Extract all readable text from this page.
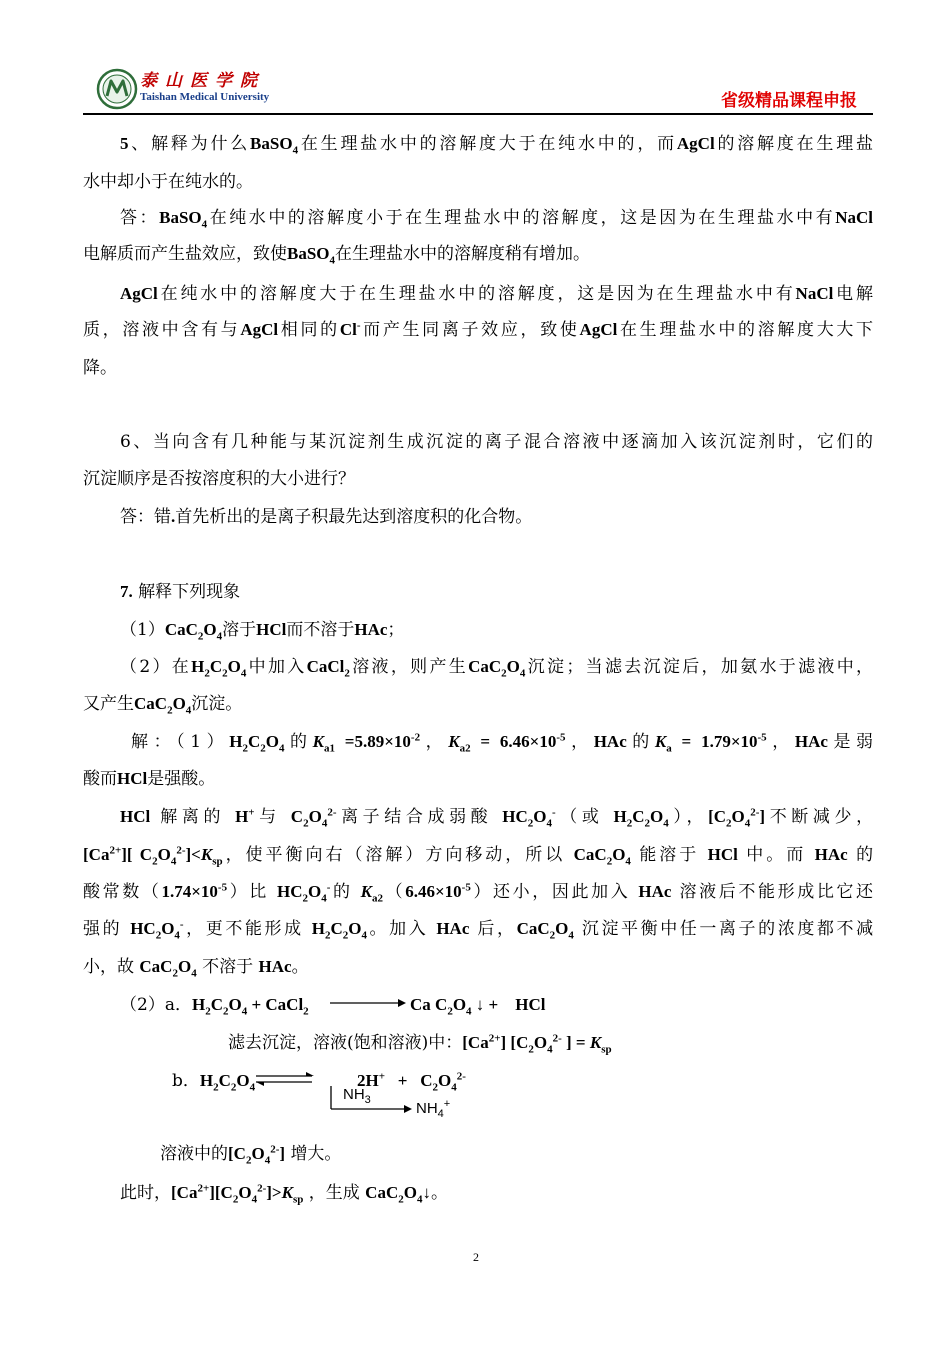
泰山医学院
Taishan Medical University	省级精品课程申报
5、解释为什么BaSO$_4$在生理盐水中的溶解度大于在纯水中的，而AgCl的溶解度在生理盐
水中却小于在纯水的。
答：BaSO$_4$在纯水中的溶解度小于在生理盐水中的溶解度，这是因为在生理盐水中有NaCl
电解质而产生盐效应，致使BaSO$_4$在生理盐水中的溶解度稍有增加。
AgCl在纯水中的溶解度大于在生理盐水中的溶解度，这是因为在生理盐水中有NaCl电解
质，溶液中含有与AgCl相同的Cl-而产生同离子效应，致使AgCl在生理盐水中的溶解度大大下
降。
6、当向含有几种能与某沉淀剂生成沉淀的离子混合溶液中逐滴加入该沉淀剂时，它们的
沉淀顺序是否按溶度积的大小进行？
答：错.首先析出的是离子积最先达到溶度积的化合物。
7. 解释下列现象
$(1)CaC_2O_4$溶于HCl而不溶于HAc；
（2）在$H_2C_2O_4$中加入CaCl$_2$溶液，则产生$CaC_2O_4$沉淀；当滤去沉淀后，加氨水于滤液中，
又产生$CaC_2O_4$沉淀。
解：$(1)H_2C_2O_4$的$K_{a1} =5.89\times 10^{-2}$，$K_{a2} = 6.46\times 10^{-5}$，HAc的$K_a = 1.79\times 10^{-5}$，HAc是弱
酸而HCl是强酸。
HCl 解离的 H+与 $C_2O_4^{2-}$离子结合成弱酸 $HC_2O_4^-$（或 $H_2C_2O_4$），$[C_2O_4^{2-}]$不断减少，
$[Ca^{2+}]$[ $C_2O_4^{2-}]<K_{sp}$，使平衡向右（溶解）方向移动，所以 $CaC_2O_4$ 能溶于 HCl 中。而 HAc 的
酸常数$(1.74\times 10^{-5})$比 $HC_2O_4^-$的 $K_{a2}(6.46\times 10^{-5})$还小，因此加入 HAc 溶液后不能形成比它还
强的 $HC_2O_4^-$，更不能形成 $H_2C_2O_4$。加入 HAc 后，$CaC_2O_4$ 沉淀平衡中任一离子的浓度都不减
小，故 $CaC_2O_4$ 不溶于 HAc。
（2）a．$H_2C_2O_4$ + CaCl$_2$	Ca $C_2O_4$ ↓ +    HCl
滤去沉淀，溶液(饱和溶液)中：$[Ca^{2+}]$ [$C_2O_4^{2-}$ ] = $K_{sp}$
b．$H_2C_2O_4$	$2H^+ + C_2O_4^{2-}$
$NH_3$	$NH_4^+$
溶液中的$[C_2O_4^{2-}]$ 增大。
此时，$[Ca^{2+}][C_2O_4^{2-}]>K_{sp}$ ，生成 $CaC_2O_4↓$。
2
